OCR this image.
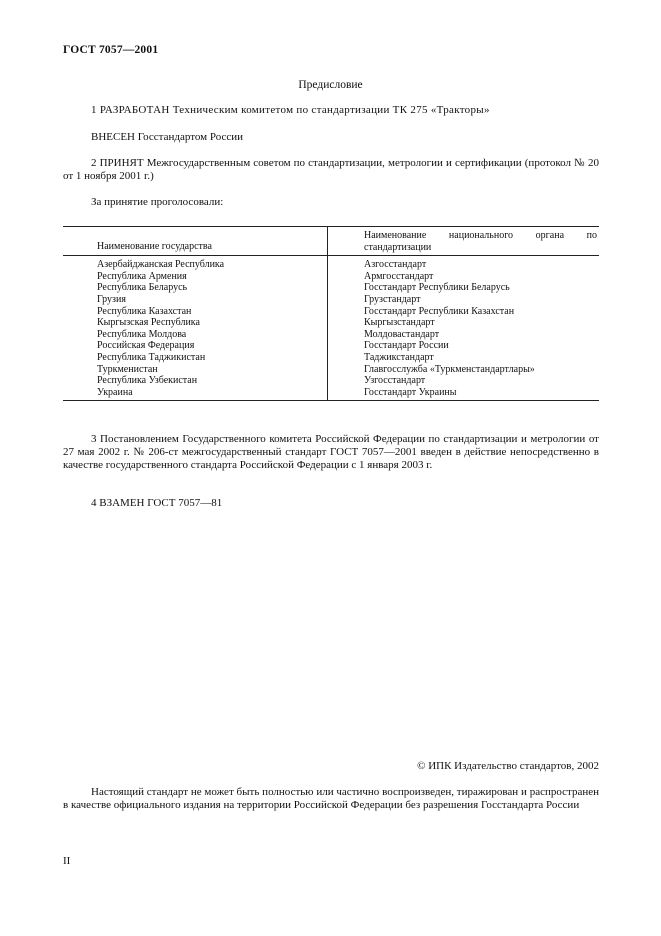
ГОСТ 7057—2001
Предисловие
1 РАЗРАБОТАН Техническим комитетом по стандартизации ТК 275 «Тракторы»
ВНЕСЕН Госстандартом России
2 ПРИНЯТ Межгосударственным советом по стандартизации, метрологии и сертификации (протокол № 20 от 1 ноября 2001 г.)
За принятие проголосовали:
Наименование государства	Наименование национального органа по стандартизации
Азербайджанская Республика	Азгосстандарт
Республика Армения	Армгосстандарт
Республика Беларусь	Госстандарт Республики Беларусь
Грузия	Грузстандарт
Республика Казахстан	Госстандарт Республики Казахстан
Кыргызская Республика	Кыргызстандарт
Республика Молдова	Молдовастандарт
Российская Федерация	Госстандарт России
Республика Таджикистан	Таджикстандарт
Туркменистан	Главгосслужба «Туркменстандартлары»
Республика Узбекистан	Узгосстандарт
Украина	Госстандарт Украины
3 Постановлением Государственного комитета Российской Федерации по стандартизации и метрологии от 27 мая 2002 г. № 206-ст межгосударственный стандарт ГОСТ 7057—2001 введен в действие непосредственно в качестве государственного стандарта Российской Федерации с 1 января 2003 г.
4 ВЗАМЕН ГОСТ 7057—81
© ИПК Издательство стандартов, 2002
Настоящий стандарт не может быть полностью или частично воспроизведен, тиражирован и распространен в качестве официального издания на территории Российской Федерации без разрешения Госстандарта России
II
